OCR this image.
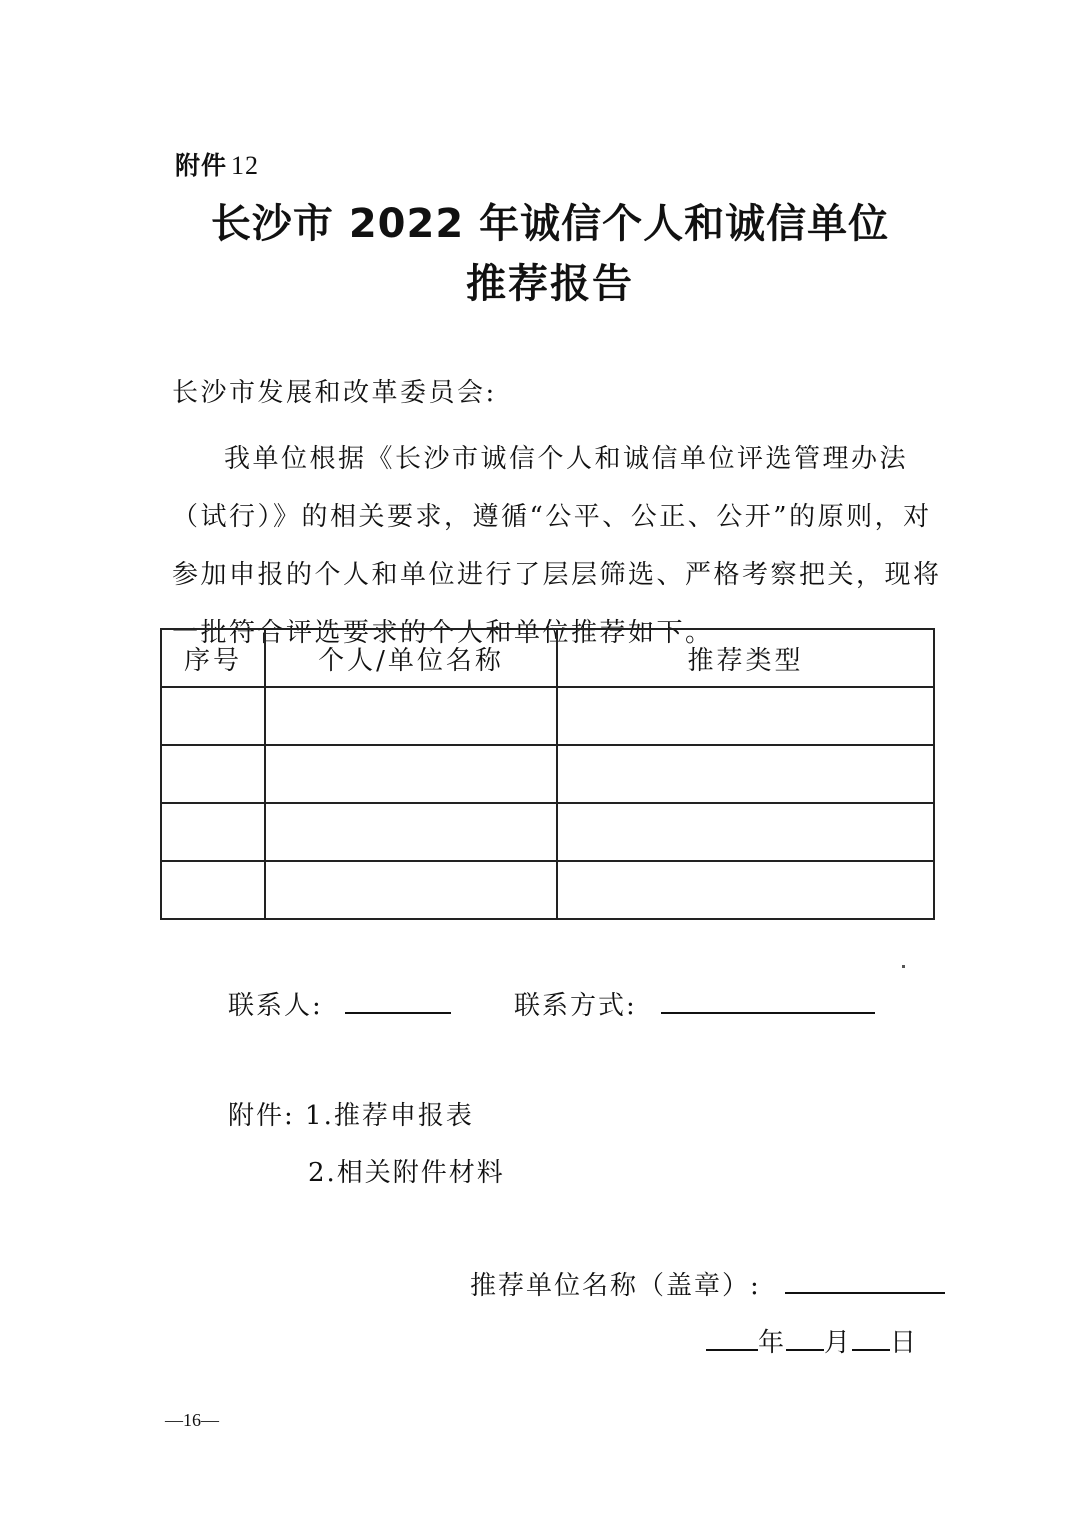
附件 12
长沙市 2022 年诚信个人和诚信单位
推荐报告
长沙市发展和改革委员会:
我单位根据《长沙市诚信个人和诚信单位评选管理办法（试行）》的相关要求，遵循“公平、公正、公开”的原则，对参加申报的个人和单位进行了层层筛选、严格考察把关，现将一批符合评选要求的个人和单位推荐如下。
序号	个人/单位名称	推荐类型

联系人:	联系方式:
附件: 1.推荐申报表
2.相关附件材料
推荐单位名称（盖章）:
年 月 日
—16—
